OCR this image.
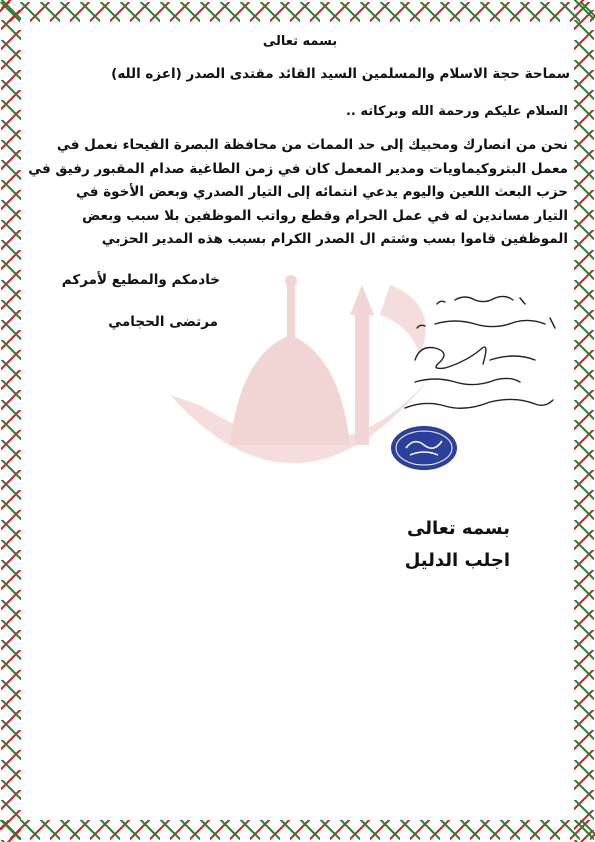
بسمه تعالى
سماحة حجة الاسلام والمسلمين السيد القائد مقتدى الصدر (اعزه الله)
السلام عليكم ورحمة الله وبركاته ..
نحن من انصارك ومحبيك إلى حد الممات من محافظة البصرة الفيحاء نعمل في
معمل البتروكيماويات ومدير المعمل كان في زمن الطاغية صدام المقبور رفيق في
حزب البعث اللعين واليوم يدعي انتمائه إلى التيار الصدري وبعض الأخوة في
التيار مساندين له في عمل الحرام وقطع رواتب الموظفين بلا سبب وبعض
الموظفين قاموا بسب وشتم ال الصدر الكرام بسبب هذه المدير الحزبي
خادمكم والمطيع لأمركم
مرتضى الحجامي
بسمه تعالى
اجلب الدليل
